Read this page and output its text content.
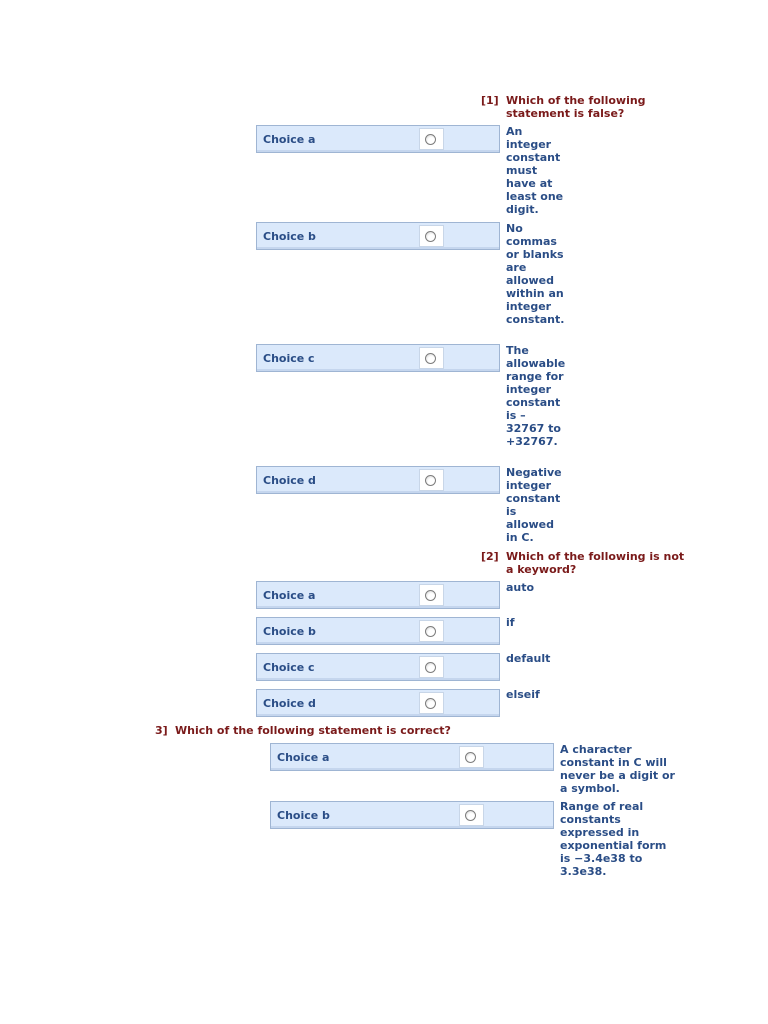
[1] Which of the following statement is false?
Choice a
An integer constant must have at least one digit.
Choice b
No commas or blanks are allowed within an integer constant.
Choice c
The allowable range for integer constant is – 32767 to +32767.
Choice d
Negative integer constant is allowed in C.
[2] Which of the following is not a keyword?
Choice a
auto
Choice b
if
Choice c
default
Choice d
elseif
3] Which of the following statement is correct?
Choice a
A character constant in C will never be a digit or a symbol.
Choice b
Range of real constants expressed in exponential form is −3.4e38 to 3.3e38.
